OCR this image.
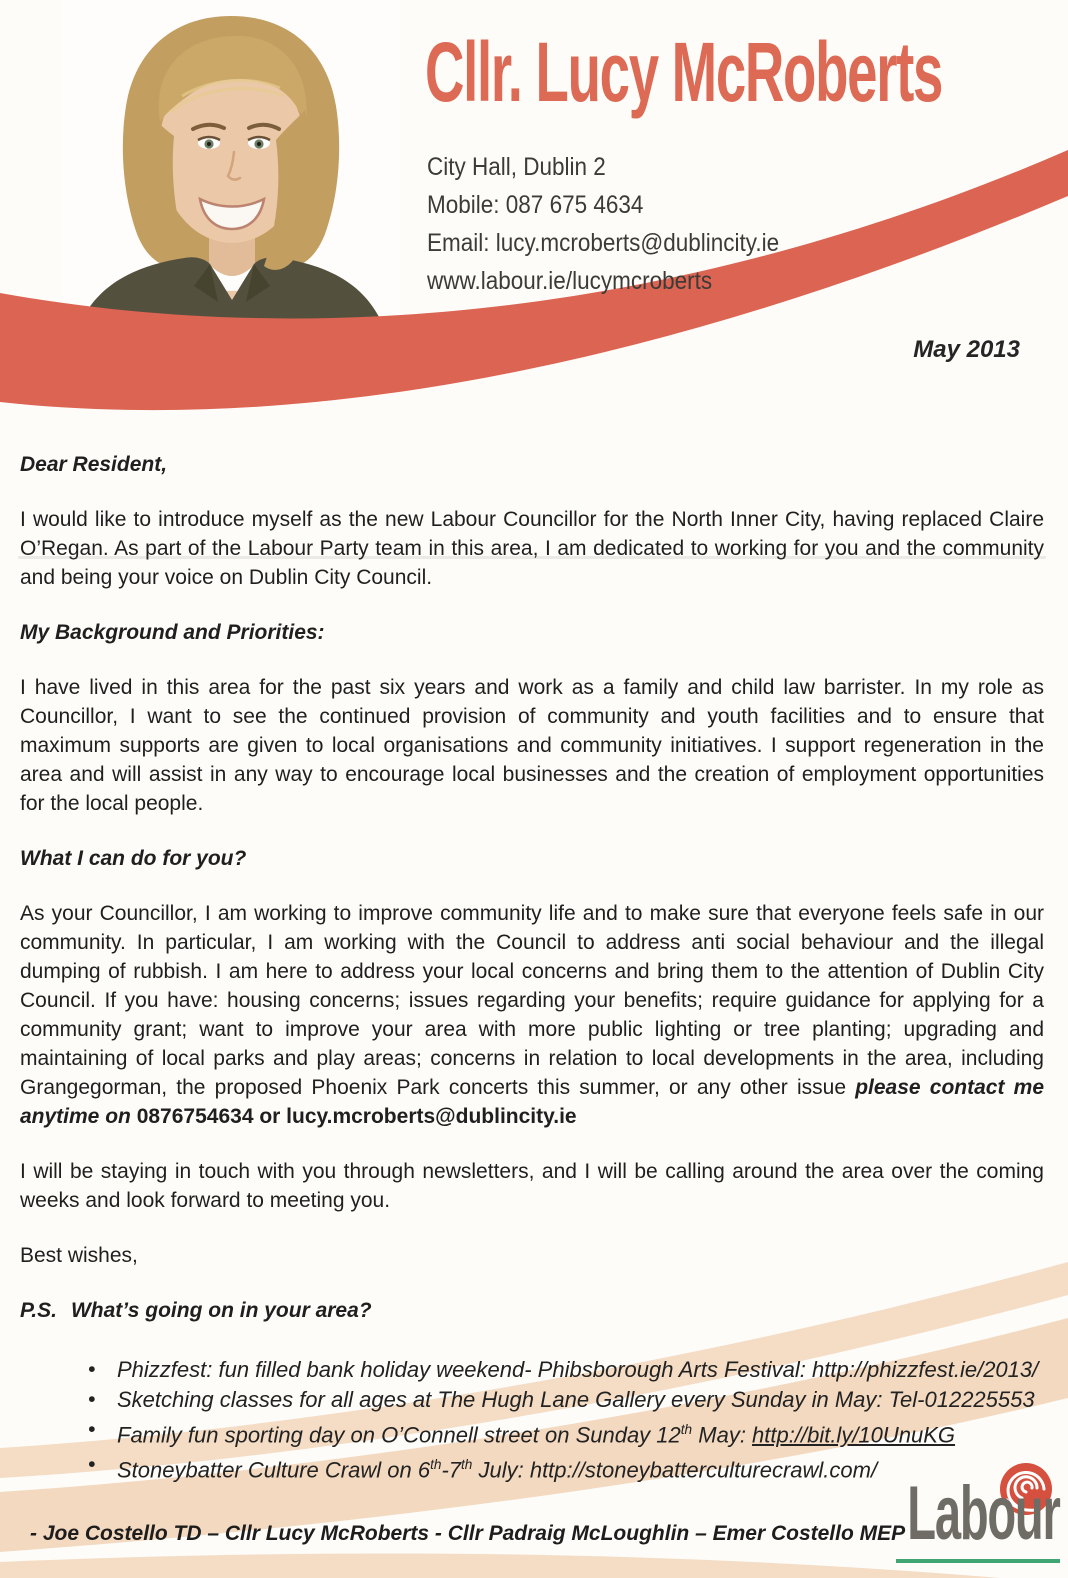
Cllr. Lucy McRoberts
City Hall, Dublin 2
Mobile: 087 675 4634
Email: lucy.mcroberts@dublincity.ie
www.labour.ie/lucymcroberts
May 2013

Dear Resident,

I would like to introduce myself as the new Labour Councillor for the North Inner City, having replaced Claire O’Regan. As part of the Labour Party team in this area, I am dedicated to working for you and the community and being your voice on Dublin City Council.

My Background and Priorities:

I have lived in this area for the past six years and work as a family and child law barrister. In my role as Councillor, I want to see the continued provision of community and youth facilities and to ensure that maximum supports are given to local organisations and community initiatives. I support regeneration in the area and will assist in any way to encourage local businesses and the creation of employment opportunities for the local people.

What I can do for you?

As your Councillor, I am working to improve community life and to make sure that everyone feels safe in our community. In particular, I am working with the Council to address anti social behaviour and the illegal dumping of rubbish. I am here to address your local concerns and bring them to the attention of Dublin City Council. If you have: housing concerns; issues regarding your benefits; require guidance for applying for a community grant; want to improve your area with more public lighting or tree planting; upgrading and maintaining of local parks and play areas; concerns in relation to local developments in the area, including Grangegorman, the proposed Phoenix Park concerts this summer, or any other issue please contact me anytime on 0876754634 or lucy.mcroberts@dublincity.ie

I will be staying in touch with you through newsletters, and I will be calling around the area over the coming weeks and look forward to meeting you.

Best wishes,

P.S. What’s going on in your area?

• Phizzfest: fun filled bank holiday weekend- Phibsborough Arts Festival: http://phizzfest.ie/2013/
• Sketching classes for all ages at The Hugh Lane Gallery every Sunday in May: Tel-012225553
• Family fun sporting day on O’Connell street on Sunday 12th May: http://bit.ly/10UnuKG
• Stoneybatter Culture Crawl on 6th-7th July: http://stoneybatterculturecrawl.com/
- Joe Costello TD – Cllr Lucy McRoberts - Cllr Padraig McLoughlin – Emer Costello MEP Labour
